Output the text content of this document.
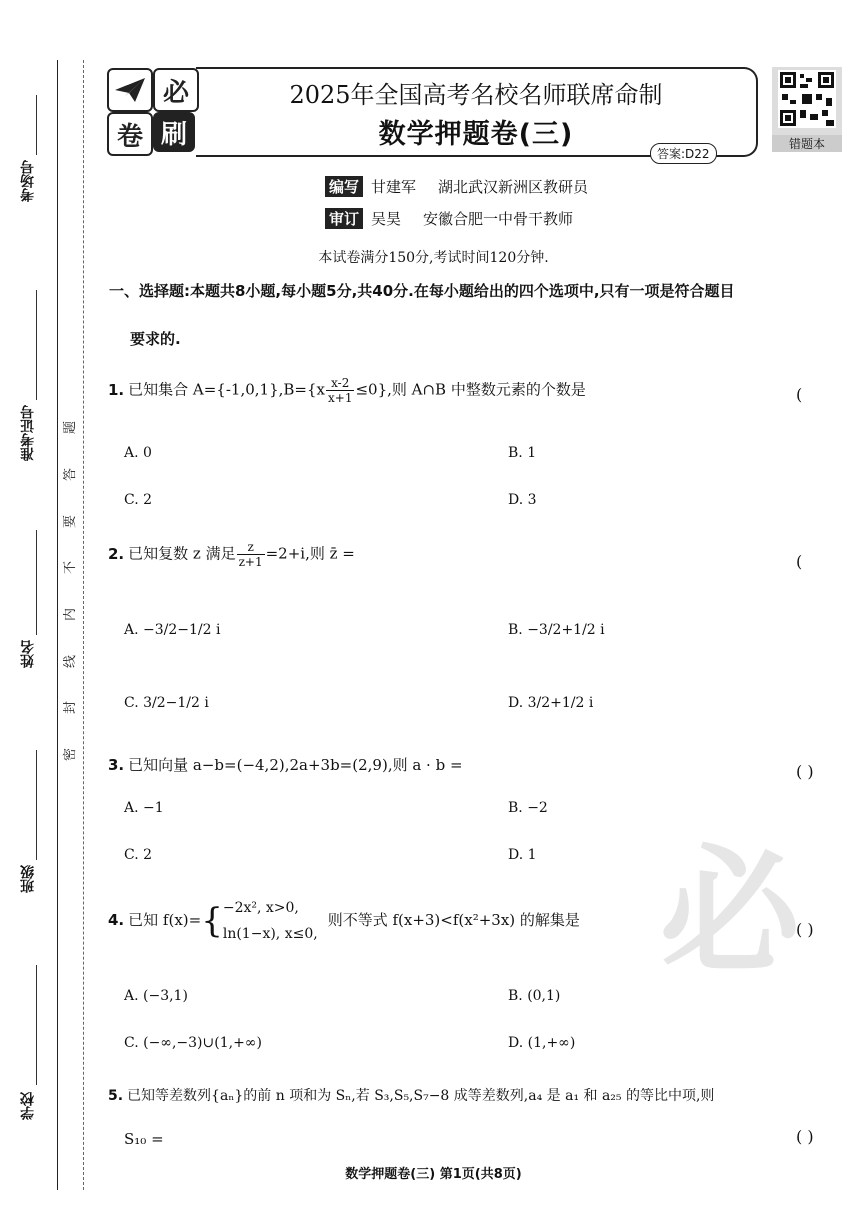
考场号
准考证号
姓名
班级
学校
题
答
要
不
内
线
封
密
必
卷 刷
2025年全国高考名校名师联席命制
数学押题卷(三)
答案:D22
错题本
编写 甘建军 湖北武汉新洲区教研员
审订 吴昊 安徽合肥一中骨干教师
本试卷满分150分,考试时间120分钟.
一、选择题:本题共8小题,每小题5分,共40分.在每小题给出的四个选项中,只有一项是符合题目
要求的.
1. 已知集合 $A=\{-1,0,1\},B=\{x \frac{x-2}{x+1} \le 0\}$,则 A∩B 中整数元素的个数是	(
A. 0	B. 1
C. 2	D. 3
2. 已知复数 z 满足 $\frac{z}{z+1} =2+i$,则 z̄ =	(
A. −3/2−1/2 i	B. −3/2+1/2 i
C. 3/2−1/2 i	D. 3/2+1/2 i
3. 已知向量 a−b=(−4,2),2a+3b=(2,9),则 a · b =	( )
A. −1	B. −2
C. 2	D. 1 必
4. 已知 f(x)={ −2x², x>0,
ln(1−x), x≤0,
则不等式 f(x+3)<f(x²+3x) 的解集是	( )
A. (−3,1)	B. (0,1)
C. (−∞,−3)∪(1,+∞)	D. (1,+∞)
5. 已知等差数列{aₙ}的前 n 项和为 Sₙ,若 S₃,S₅,S₇−8 成等差数列,a₄ 是 a₁ 和 a₂₅ 的等比中项,则
S₁₀ =	( )
数学押题卷(三) 第1页(共8页)
